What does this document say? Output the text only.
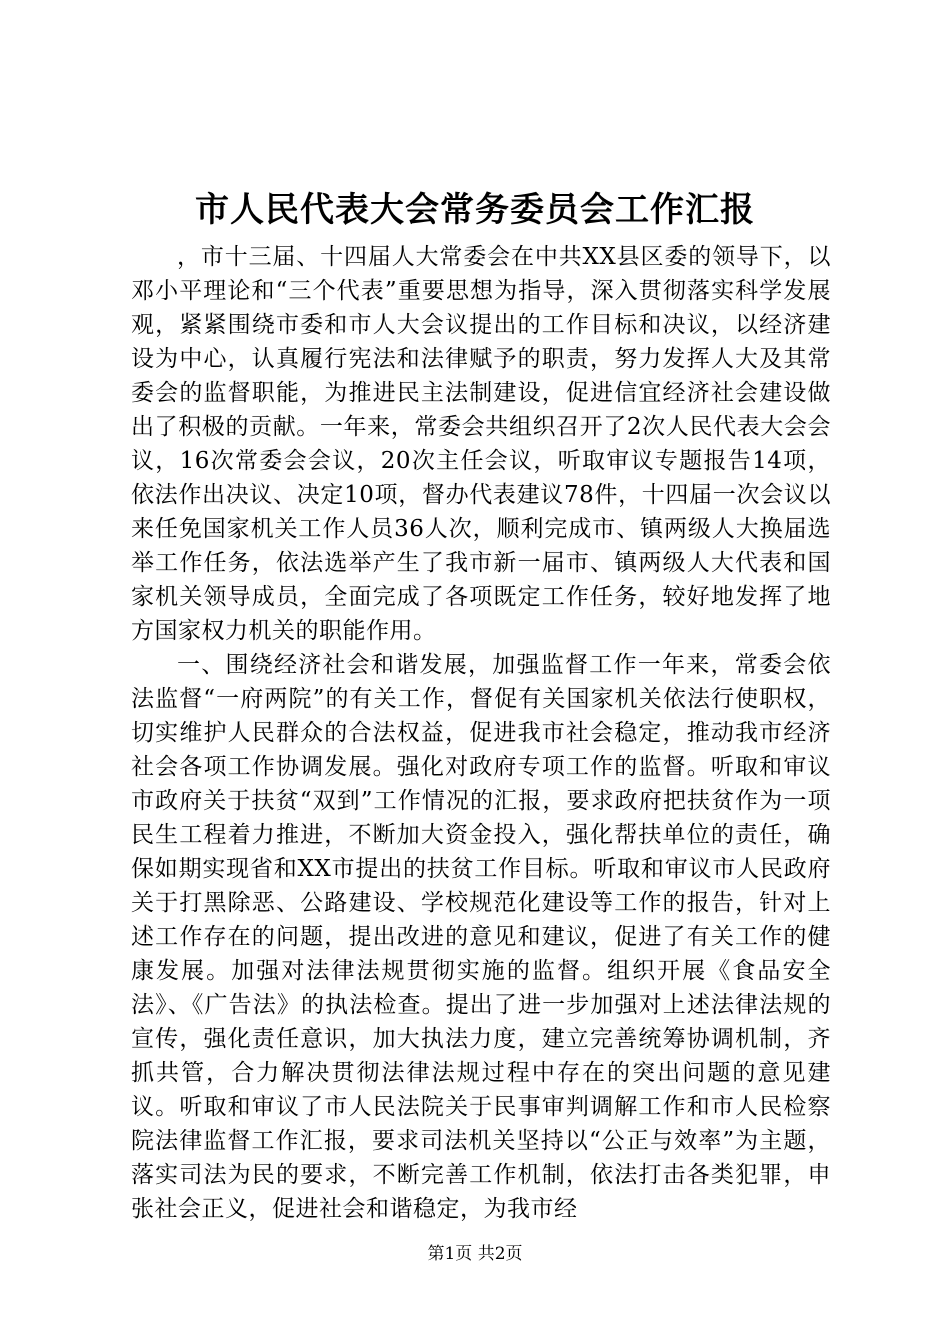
市人民代表大会常务委员会工作汇报

，市十三届、十四届人大常委会在中共XX县区委的领导下，以邓小平理论和“三个代表”重要思想为指导，深入贯彻落实科学发展观，紧紧围绕市委和市人大会议提出的工作目标和决议，以经济建设为中心，认真履行宪法和法律赋予的职责，努力发挥人大及其常委会的监督职能，为推进民主法制建设，促进信宜经济社会建设做出了积极的贡献。一年来，常委会共组织召开了2次人民代表大会会议，16次常委会会议，20次主任会议，听取审议专题报告14项，依法作出决议、决定10项，督办代表建议78件，十四届一次会议以来任免国家机关工作人员36人次，顺利完成市、镇两级人大换届选举工作任务，依法选举产生了我市新一届市、镇两级人大代表和国家机关领导成员，全面完成了各项既定工作任务，较好地发挥了地方国家权力机关的职能作用。

一、围绕经济社会和谐发展，加强监督工作一年来，常委会依法监督“一府两院”的有关工作，督促有关国家机关依法行使职权，切实维护人民群众的合法权益，促进我市社会稳定，推动我市经济社会各项工作协调发展。强化对政府专项工作的监督。听取和审议市政府关于扶贫“双到”工作情况的汇报，要求政府把扶贫作为一项民生工程着力推进，不断加大资金投入，强化帮扶单位的责任，确保如期实现省和XX市提出的扶贫工作目标。听取和审议市人民政府关于打黑除恶、公路建设、学校规范化建设等工作的报告，针对上述工作存在的问题，提出改进的意见和建议，促进了有关工作的健康发展。加强对法律法规贯彻实施的监督。组织开展《食品安全法》、《广告法》的执法检查。提出了进一步加强对上述法律法规的宣传，强化责任意识，加大执法力度，建立完善统筹协调机制，齐抓共管，合力解决贯彻法律法规过程中存在的突出问题的意见建议。听取和审议了市人民法院关于民事审判调解工作和市人民检察院法律监督工作汇报，要求司法机关坚持以“公正与效率”为主题，落实司法为民的要求，不断完善工作机制，依法打击各类犯罪，申张社会正义，促进社会和谐稳定，为我市经

第1页 共2页
